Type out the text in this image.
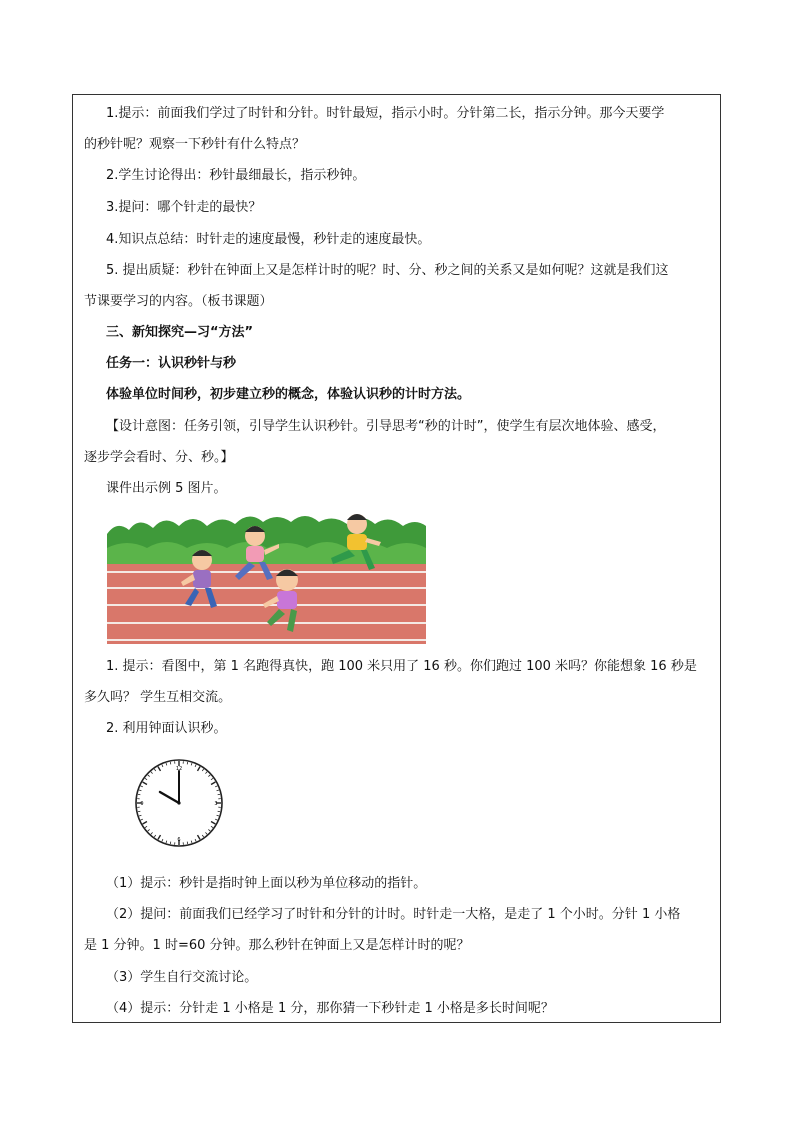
1.提示：前面我们学过了时针和分针。时针最短，指示小时。分针第二长，指示分钟。那今天要学
的秒针呢？观察一下秒针有什么特点？
2.学生讨论得出：秒针最细最长，指示秒钟。
3.提问：哪个针走的最快？
4.知识点总结：时针走的速度最慢，秒针走的速度最快。
5. 提出质疑：秒针在钟面上又是怎样计时的呢？时、分、秒之间的关系又是如何呢？这就是我们这
节课要学习的内容。（板书课题）
三、新知探究—习“方法”
任务一：认识秒针与秒
体验单位时间秒，初步建立秒的概念，体验认识秒的计时方法。
【设计意图：任务引领，引导学生认识秒针。引导思考“秒的计时”，使学生有层次地体验、感受，
逐步学会看时、分、秒。】
课件出示例 5 图片。
1. 提示：看图中，第 1 名跑得真快，跑 100 米只用了 16 秒。你们跑过 100 米吗？你能想象 16 秒是
多久吗？ 学生互相交流。
2. 利用钟面认识秒。
12
3
6
9
（1）提示：秒针是指时钟上面以秒为单位移动的指针。
（2）提问：前面我们已经学习了时针和分针的计时。时针走一大格，是走了 1 个小时。分针 1 小格
是 1 分钟。1 时=60 分钟。那么秒针在钟面上又是怎样计时的呢？
（3）学生自行交流讨论。
（4）提示：分针走 1 小格是 1 分，那你猜一下秒针走 1 小格是多长时间呢？
